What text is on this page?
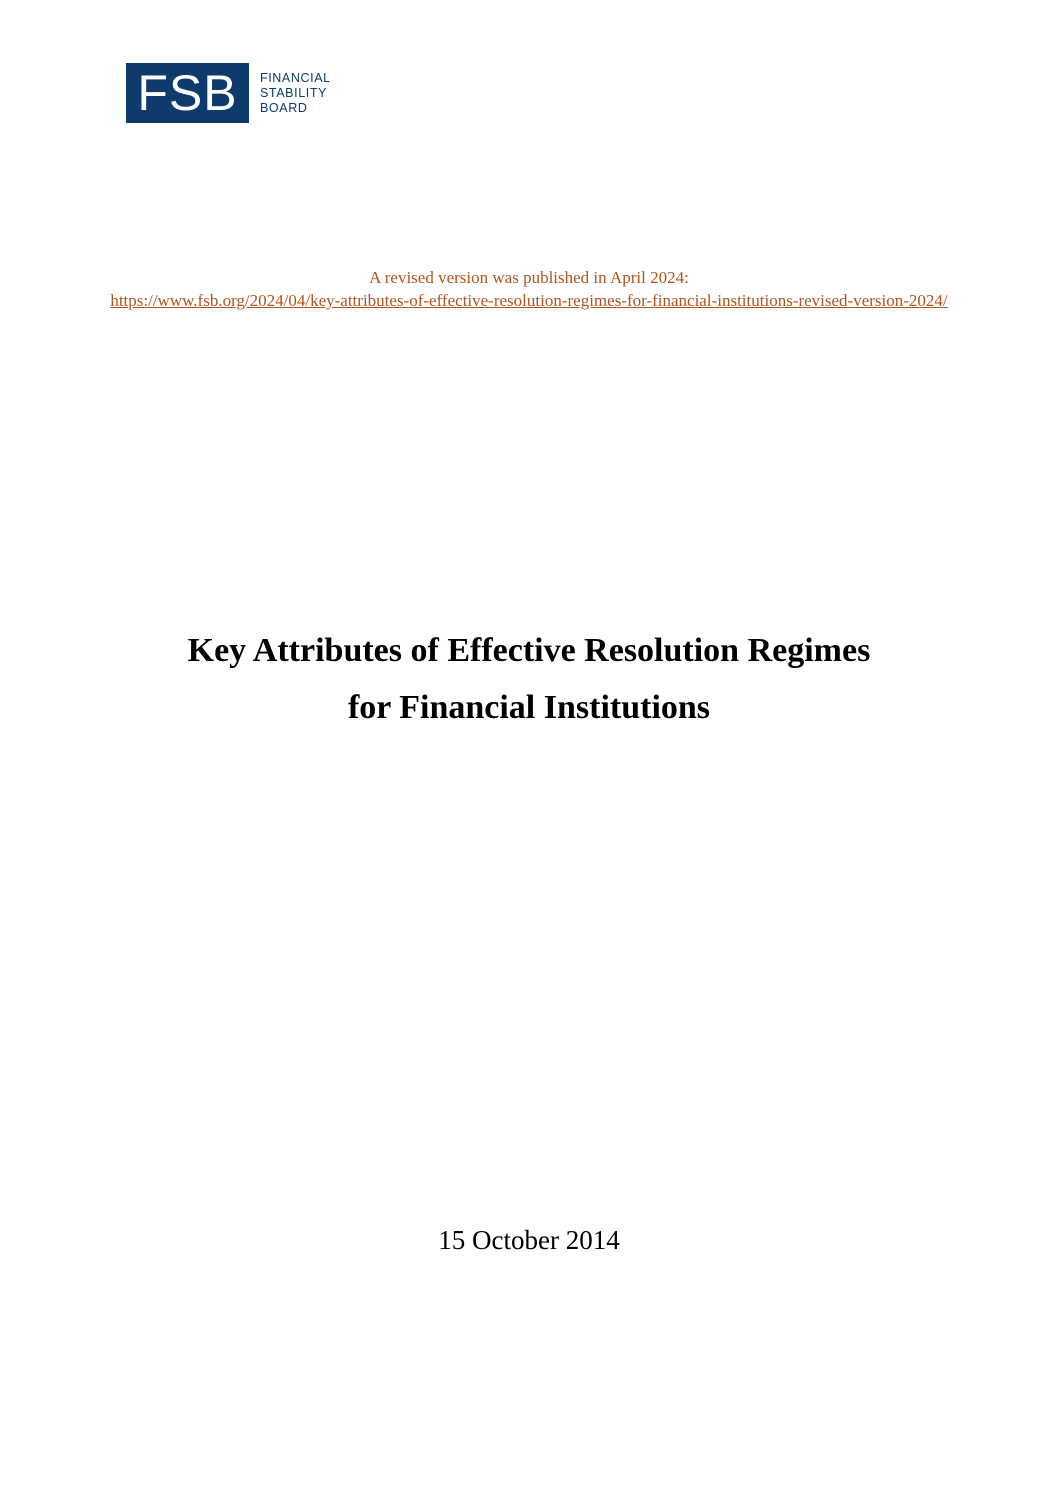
FSB FINANCIAL
STABILITY
BOARD
A revised version was published in April 2024:
https://www.fsb.org/2024/04/key-attributes-of-effective-resolution-regimes-for-financial-institutions-revised-version-2024/
Key Attributes of Effective Resolution Regimes
for Financial Institutions
15 October 2014
